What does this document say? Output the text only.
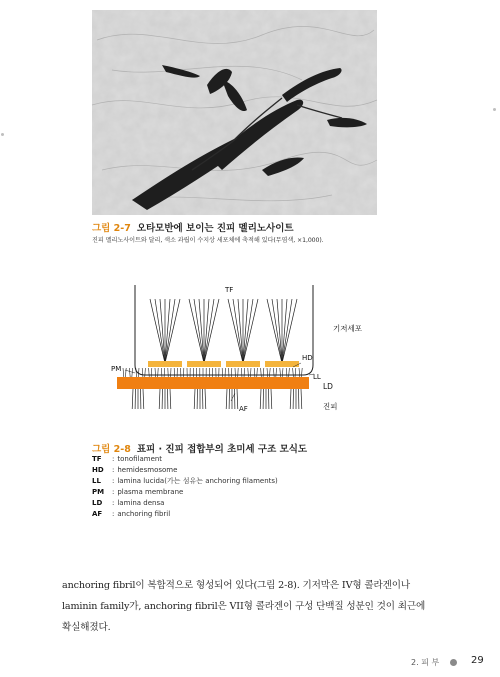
그림 2-7 오타모반에 보이는 진피 멜리노사이트
진피 멜리노사이트와 달리, 색소 과립이 수지상 세포체에 축적해 있다(무염색, ×1,000).
TF
기저세포
HD
PM
LL
LD
AF	진피
그림 2-8 표피 · 진피 접합부의 초미세 구조 모식도
TF : tonofilament
HD : hemidesmosome
LL : lamina lucida(가는 섬유는 anchoring filaments)
PM : plasma membrane
LD : lamina densa
AF : anchoring fibril
anchoring fibril이 복합적으로 형성되어 있다(그림 2-8). 기저막은 IV형 콜라겐이나
laminin family가, anchoring fibril은 VII형 콜라겐이 구성 단백질 성분인 것이 최근에
확실해졌다.
2. 피 부	29
